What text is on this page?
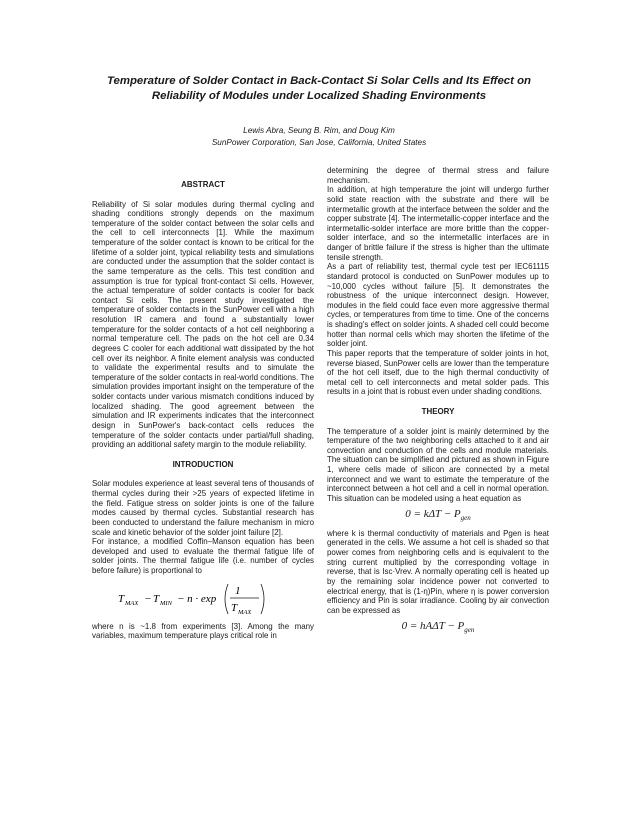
Temperature of Solder Contact in Back-Contact Si Solar Cells and Its Effect on
Reliability of Modules under Localized Shading Environments
Lewis Abra, Seung B. Rim, and Doug Kim
SunPower Corporation, San Jose, California, United States
ABSTRACT

Reliability of Si solar modules during thermal cycling and shading conditions strongly depends on the maximum temperature of the solder contact between the solar cells and the cell to cell interconnects [1]. While the maximum temperature of the solder contact is known to be critical for the lifetime of a solder joint, typical reliability tests and simulations are conducted under the assumption that the solder contact is the same temperature as the cells. This test condition and assumption is true for typical front-contact Si cells. However, the actual temperature of solder contacts is cooler for back contact Si cells. The present study investigated the temperature of solder contacts in the SunPower cell with a high resolution IR camera and found a substantially lower temperature for the solder contacts of a hot cell neighboring a normal temperature cell. The pads on the hot cell are 0.34 degrees C cooler for each additional watt dissipated by the hot cell over its neighbor. A finite element analysis was conducted to validate the experimental results and to simulate the temperature of the solder contacts in real-world conditions. The simulation provides important insight on the temperature of the solder contacts under various mismatch conditions induced by localized shading. The good agreement between the simulation and IR experiments indicates that the interconnect design in SunPower's back-contact cells reduces the temperature of the solder contacts under partial/full shading, providing an additional safety margin to the module reliability.

INTRODUCTION

Solar modules experience at least several tens of thousands of thermal cycles during their >25 years of expected lifetime in the field. Fatigue stress on solder joints is one of the failure modes caused by thermal cycles. Substantial research has been conducted to understand the failure mechanism in micro scale and kinetic behavior of the solder joint failure [2].

For instance, a modified Coffin–Manson equation has been developed and used to evaluate the thermal fatigue life of solder joints. The thermal fatigue life (i.e. number of cycles before failure) is proportional to

T MAX − T MIN − n · exp
1
T MAX

where n is ~1.8 from experiments [3]. Among the many variables, maximum temperature plays critical role in

determining the degree of thermal stress and failure mechanism.

In addition, at high temperature the joint will undergo further solid state reaction with the substrate and there will be intermetallic growth at the interface between the solder and the copper substrate [4]. The intermetallic-copper interface and the intermetallic-solder interface are more brittle than the copper-solder interface, and so the intermetallic interfaces are in danger of brittle failure if the stress is higher than the ultimate tensile strength.

As a part of reliability test, thermal cycle test per IEC61115 standard protocol is conducted on SunPower modules up to ~10,000 cycles without failure [5]. It demonstrates the robustness of the unique interconnect design. However, modules in the field could face even more aggressive thermal cycles, or temperatures from time to time. One of the concerns is shading's effect on solder joints. A shaded cell could become hotter than normal cells which may shorten the lifetime of the solder joint.

This paper reports that the temperature of solder joints in hot, reverse biased, SunPower cells are lower than the temperature of the hot cell itself, due to the high thermal conductivity of metal cell to cell interconnects and metal solder pads. This results in a joint that is robust even under shading conditions.

THEORY

The temperature of a solder joint is mainly determined by the temperature of the two neighboring cells attached to it and air convection and conduction of the cells and module materials. The situation can be simplified and pictured as shown in Figure 1, where cells made of silicon are connected by a metal interconnect and we want to estimate the temperature of the interconnect between a hot cell and a cell in normal operation. This situation can be modeled using a heat equation as

$0 = k\Delta T - P_{gen}$

where k is thermal conductivity of materials and Pgen is heat generated in the cells. We assume a hot cell is shaded so that power comes from neighboring cells and is equivalent to the string current multiplied by the corresponding voltage in reverse, that is Isc·Vrev. A normally operating cell is heated up by the remaining solar incidence power not converted to electrical energy, that is (1-η)Pin, where η is power conversion efficiency and Pin is solar irradiance. Cooling by air convection can be expressed as

$0 = hA\Delta T - P_{gen}$
